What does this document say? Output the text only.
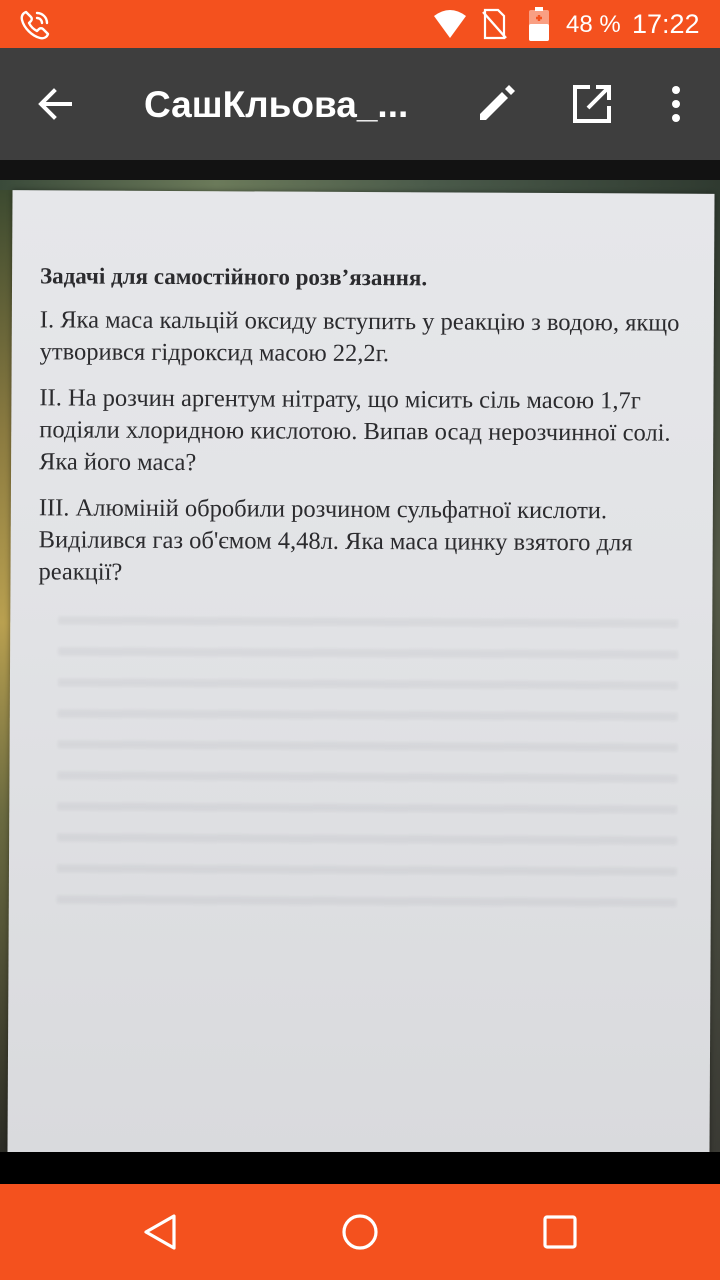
48 % 17:22
СашКльова_...

Задачі для самостійного розв’язання.

I. Яка маса кальцій оксиду вступить у реакцію з водою, якщо утворився гідроксид масою 22,2г.

II. На розчин аргентум нітрату, що місить сіль масою 1,7г подіяли хлоридною кислотою. Випав осад нерозчинної солі. Яка його маса?

III. Алюміній обробили розчином сульфатної кислоти. Виділився газ об'ємом 4,48л. Яка маса цинку взятого для реакції?
